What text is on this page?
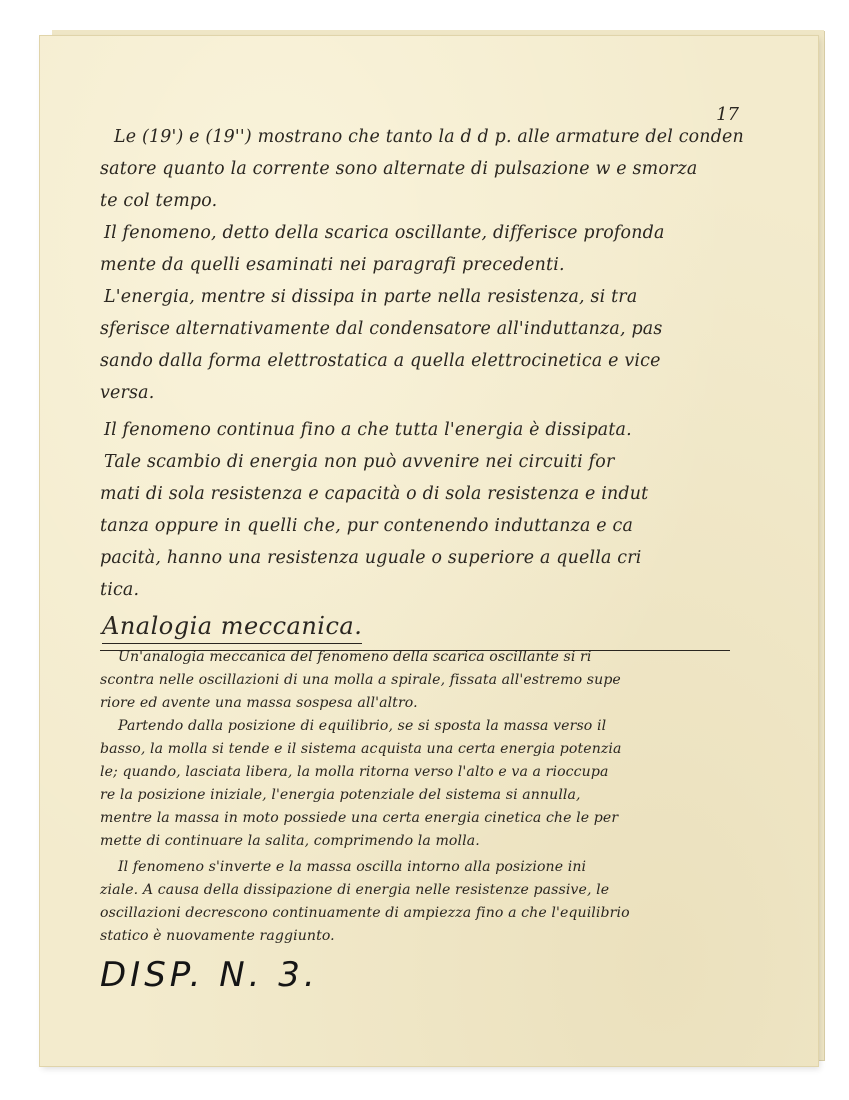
17
Le (19') e (19'') mostrano che tanto la d d p. alle armature del conden
satore quanto la corrente sono alternate di pulsazione w e smorza
te col tempo.
Il fenomeno, detto della scarica oscillante, differisce profonda
mente da quelli esaminati nei paragrafi precedenti.
L'energia, mentre si dissipa in parte nella resistenza, si tra
sferisce alternativamente dal condensatore all'induttanza, pas
sando dalla forma elettrostatica a quella elettrocinetica e vice
versa.
Il fenomeno continua fino a che tutta l'energia è dissipata.
Tale scambio di energia non può avvenire nei circuiti for
mati di sola resistenza e capacità o di sola resistenza e indut
tanza oppure in quelli che, pur contenendo induttanza e ca
pacità, hanno una resistenza uguale o superiore a quella cri
tica.
Analogia meccanica.
Un'analogia meccanica del fenomeno della scarica oscillante si ri
scontra nelle oscillazioni di una molla a spirale, fissata all'estremo supe
riore ed avente una massa sospesa all'altro.
Partendo dalla posizione di equilibrio, se si sposta la massa verso il
basso, la molla si tende e il sistema acquista una certa energia potenzia
le; quando, lasciata libera, la molla ritorna verso l'alto e va a rioccupa
re la posizione iniziale, l'energia potenziale del sistema si annulla,
mentre la massa in moto possiede una certa energia cinetica che le per
mette di continuare la salita, comprimendo la molla.
Il fenomeno s'inverte e la massa oscilla intorno alla posizione ini
ziale. A causa della dissipazione di energia nelle resistenze passive, le
oscillazioni decrescono continuamente di ampiezza fino a che l'equilibrio
statico è nuovamente raggiunto.
DISP. N. 3.
